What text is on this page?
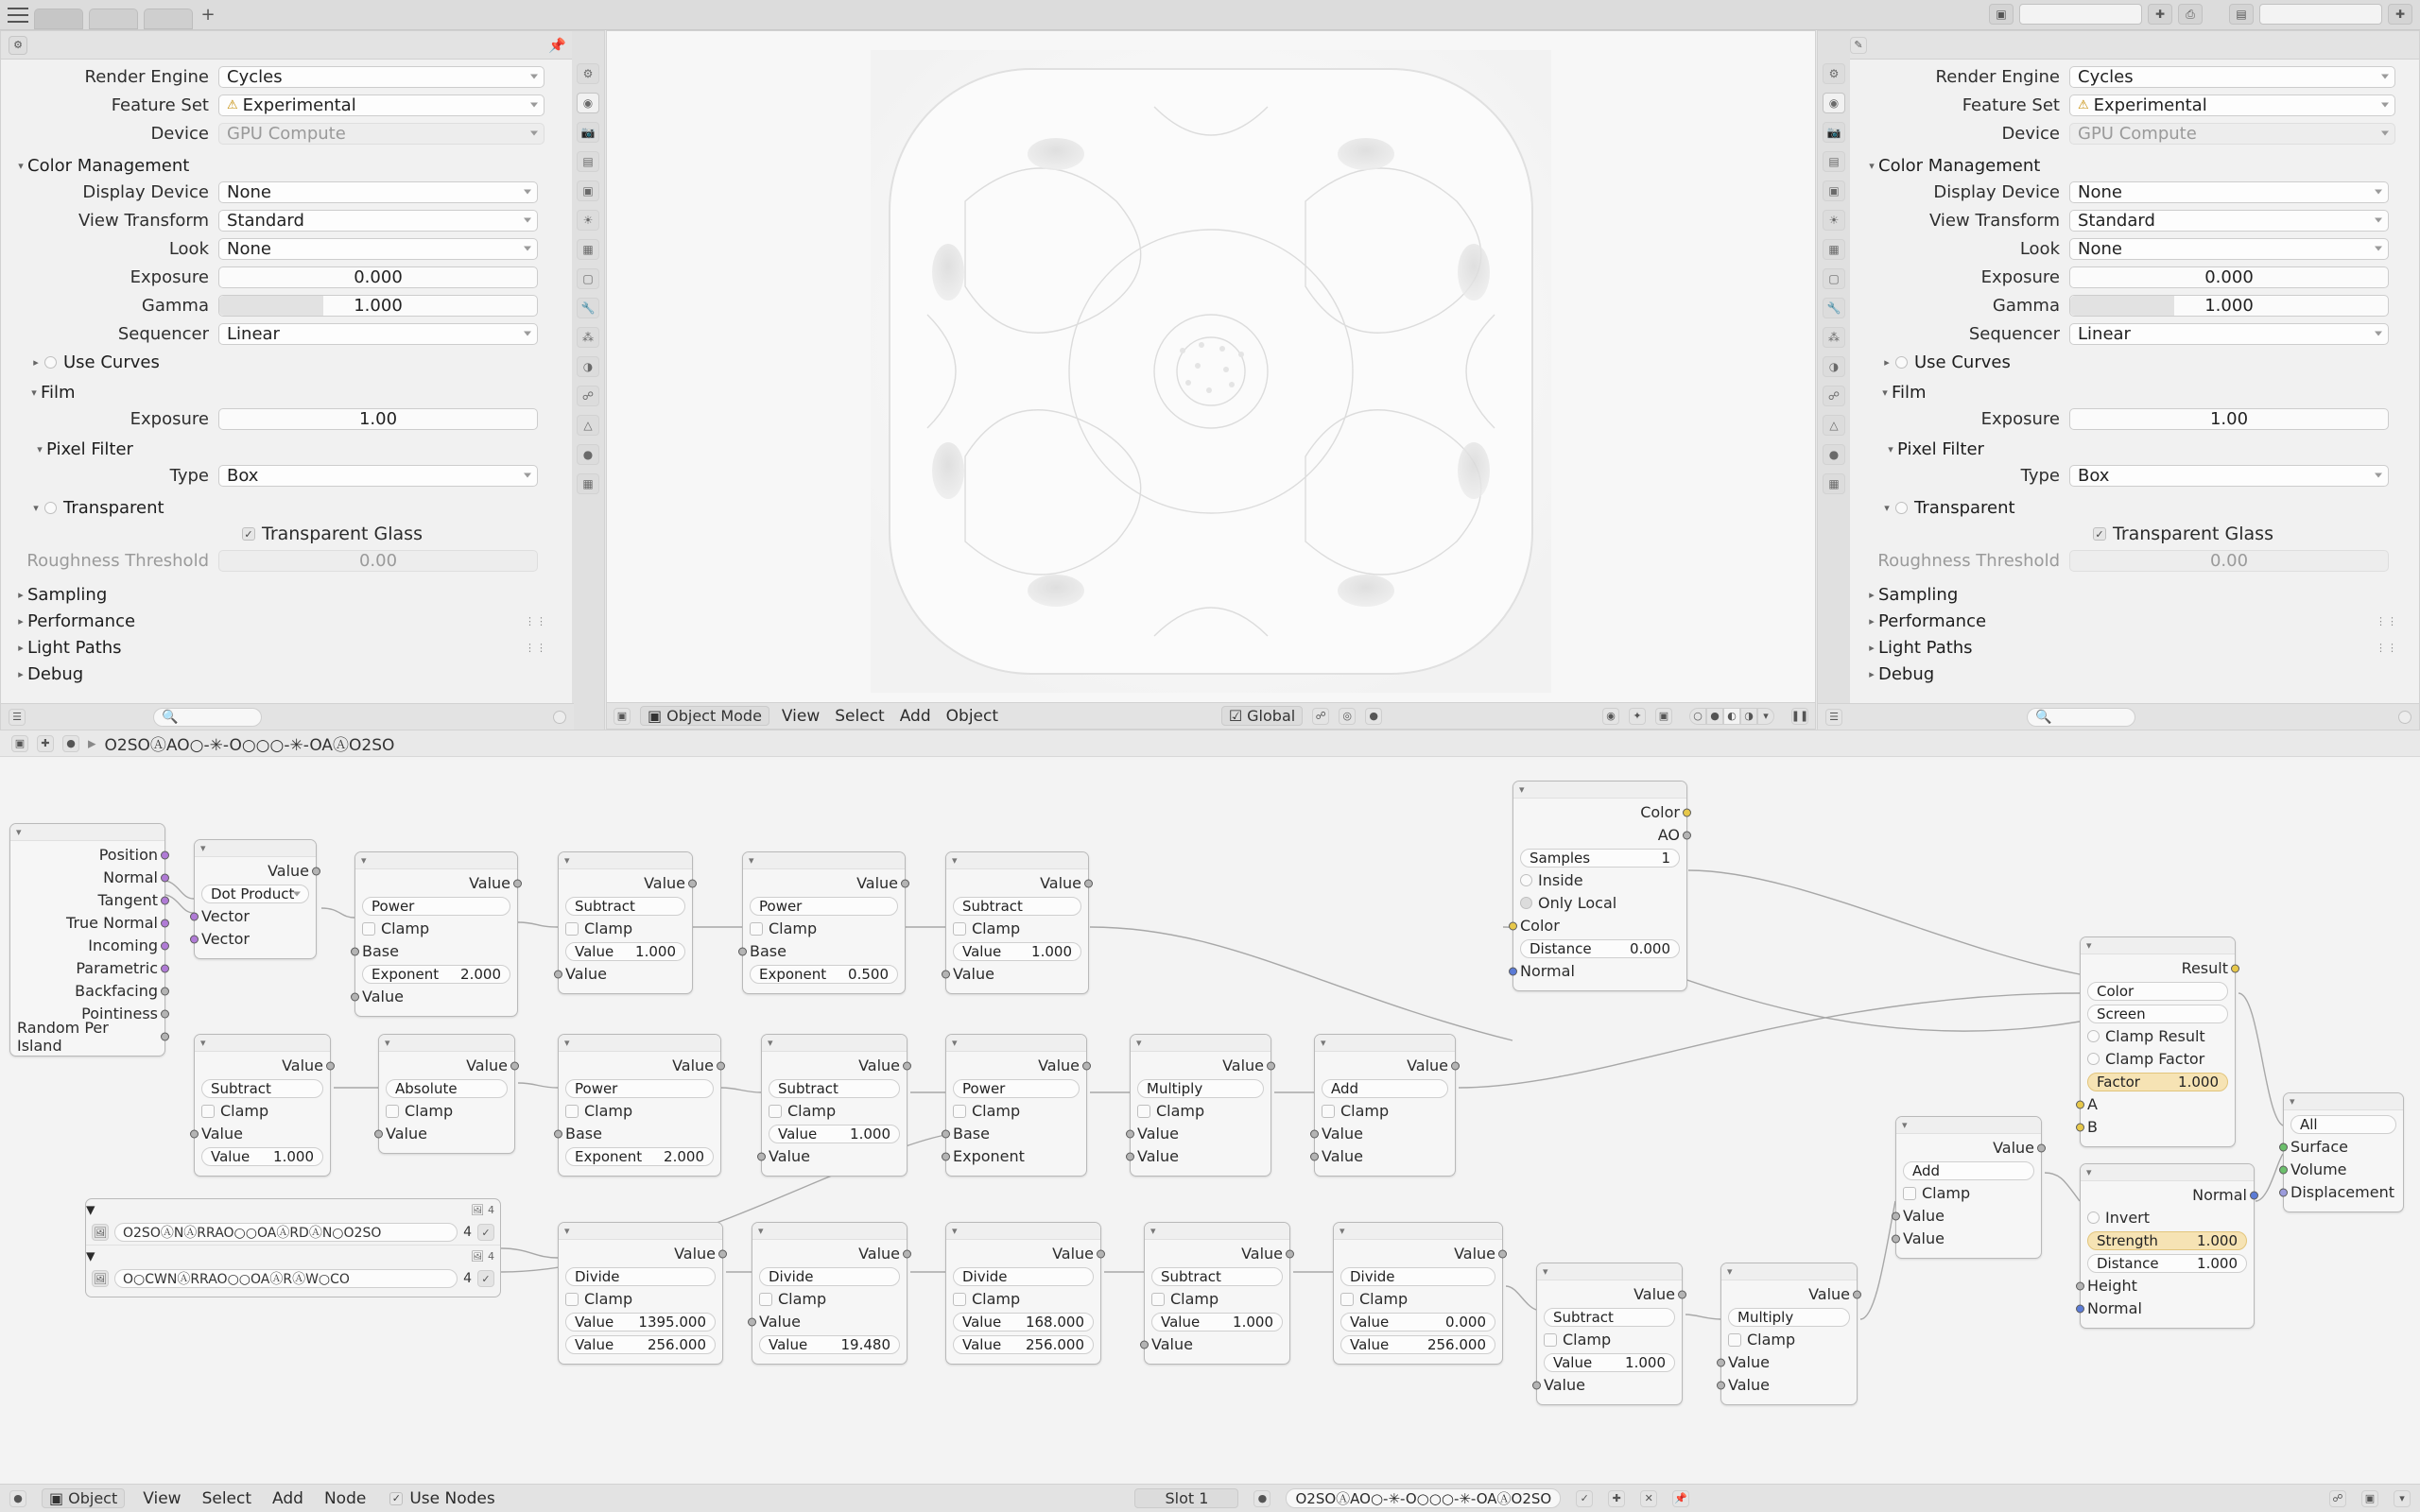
+	▣	✚	⎙	▤	✚
⚙	📌
⚙
◉
📷
▤
▣
☀
▦
▢
🔧
⁂
◑
☍
△
●
▦
Render Engine	Cycles
Feature Set	⚠ Experimental
Device	GPU Compute
▾
Color Management
Display Device	None
View Transform	Standard
Look	None
Exposure	0.000
Gamma	1.000
Sequencer	Linear
▸
Use Curves
▾
Film
Exposure	1.00
▾
Pixel Filter
Type	Box
▾
Transparent
✓ Transparent Glass
Roughness Threshold	0.00
▸
Sampling
▸
Performance	⋮⋮
▸
Light Paths	⋮⋮
▸
Debug
☰	🔍	▣ ▣ Object Mode View Select Add Object	☑ Global	☍	◎	●	◉	✦	▣	○ ● ◐ ◑ ▾	❚❚
✎
⚙
◉
📷
▤
▣
☀
▦
▢
🔧
⁂
◑
☍
△
●
▦
Render Engine	Cycles
Feature Set	⚠ Experimental
Device	GPU Compute
▾
Color Management
Display Device	None
View Transform	Standard
Look	None
Exposure	0.000
Gamma	1.000
Sequencer	Linear
▸
Use Curves
▾
Film
Exposure	1.00
▾
Pixel Filter
Type	Box
▾
Transparent
✓ Transparent Glass
Roughness Threshold	0.00
▸
Sampling
▸
Performance	⋮⋮
▸
Light Paths	⋮⋮
▸
Debug
☰	🔍
▣	✚	● ▸ O2SOⒶAO○-✳-O○○○-✳-OAⒶO2SO
▾
Position
Normal
Tangent
True Normal
Incoming
Parametric
Backfacing
Pointiness
Random Per Island
▾
Value
Dot Product
Vector
Vector
▾
Value
Power
Clamp
Base
Exponent 2.000
Value
▾
Value
Subtract
Clamp
Value 1.000
Value
▾
Value
Power
Clamp
Base
Exponent 0.500
▾
Value
Subtract
Clamp
Value 1.000
Value
▾
Color
AO
Samples	1
Inside
Only Local
Color
Distance	0.000
Normal
▾
Value
Subtract
Clamp
Value
Value 1.000
▾
Value
Absolute
Clamp
Value
▾
Value
Power
Clamp
Base
Exponent 2.000
▾
Value
Subtract
Clamp
Value 1.000
Value
▾
Value
Power
Clamp
Base
Exponent
▾
Value
Multiply
Clamp
Value
Value
▾
Value
Add
Clamp
Value
Value
▾
Result
Color
Screen
Clamp Result
Clamp Factor
Factor	1.000
A
B
▾
All
Surface
Volume
Displacement
▾
Value
Add
Clamp
Value
Value
▾
Normal
Invert
Strength	1.000
Distance	1.000
Height
Normal
▾	🖼 4
🖼 O2SOⒶNⒶRRAO○○OAⒶRDⒶN○O2SO	4 ✓
▾	🖼 4
🖼 O○CWNⒶRRAO○○OAⒶRⒶW○CO	4 ✓
▾
Value
Divide
Clamp
Value 1395.000
Value 256.000
▾
Value
Divide
Clamp
Value
Value 19.480
▾
Value
Divide
Clamp
Value 168.000
Value 256.000
▾
Value
Subtract
Clamp
Value 1.000
Value
▾
Value
Divide
Clamp
Value	0.000
Value	256.000
▾
Value
Subtract
Clamp
Value 1.000
Value
▾
Value
Multiply
Clamp
Value
Value
● ▣ Object View Select Add Node ✓ Use Nodes	Slot 1	● O2SOⒶAO○-✳-O○○○-✳-OAⒶO2SO	✓	✚	✕	📌	☍	▣	▾
